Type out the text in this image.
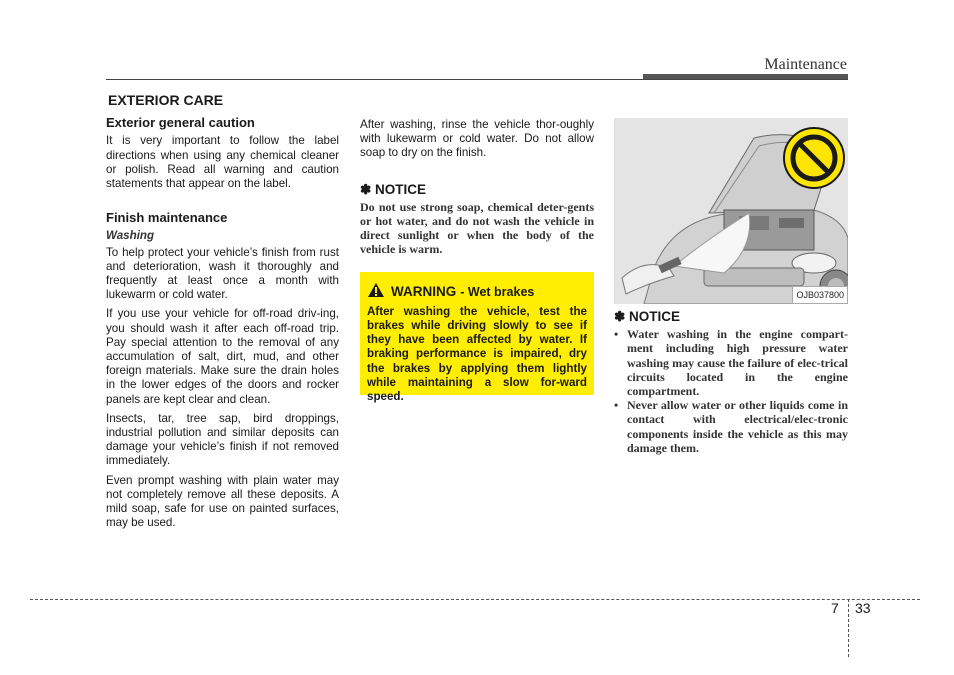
Maintenance
EXTERIOR CARE
Exterior general caution

It is very important to follow the label directions when using any chemical cleaner or polish. Read all warning and caution statements that appear on the label.

Finish maintenance
Washing

To help protect your vehicle’s finish from rust and deterioration, wash it thoroughly and frequently at least once a month with lukewarm or cold water.

If you use your vehicle for off-road driv-ing, you should wash it after each off-road trip. Pay special attention to the removal of any accumulation of salt, dirt, mud, and other foreign materials. Make sure the drain holes in the lower edges of the doors and rocker panels are kept clear and clean.

Insects, tar, tree sap, bird droppings, industrial pollution and similar deposits can damage your vehicle’s finish if not removed immediately.

Even prompt washing with plain water may not completely remove all these deposits. A mild soap, safe for use on painted surfaces, may be used.

After washing, rinse the vehicle thor-oughly with lukewarm or cold water. Do not allow soap to dry on the finish.

✽ NOTICE
Do not use strong soap, chemical deter-gents or hot water, and do not wash the vehicle in direct sunlight or when the body of the vehicle is warm.
WARNING - Wet brakes
After washing the vehicle, test the brakes while driving slowly to see if they have been affected by water. If braking performance is impaired, dry the brakes by applying them lightly while maintaining a slow for-ward speed.
OJB037800
✽ NOTICE
• Water washing in the engine compart-ment including high pressure water washing may cause the failure of elec-trical circuits located in the engine compartment.
• Never allow water or other liquids come in contact with electrical/elec-tronic components inside the vehicle as this may damage them.
7 33
